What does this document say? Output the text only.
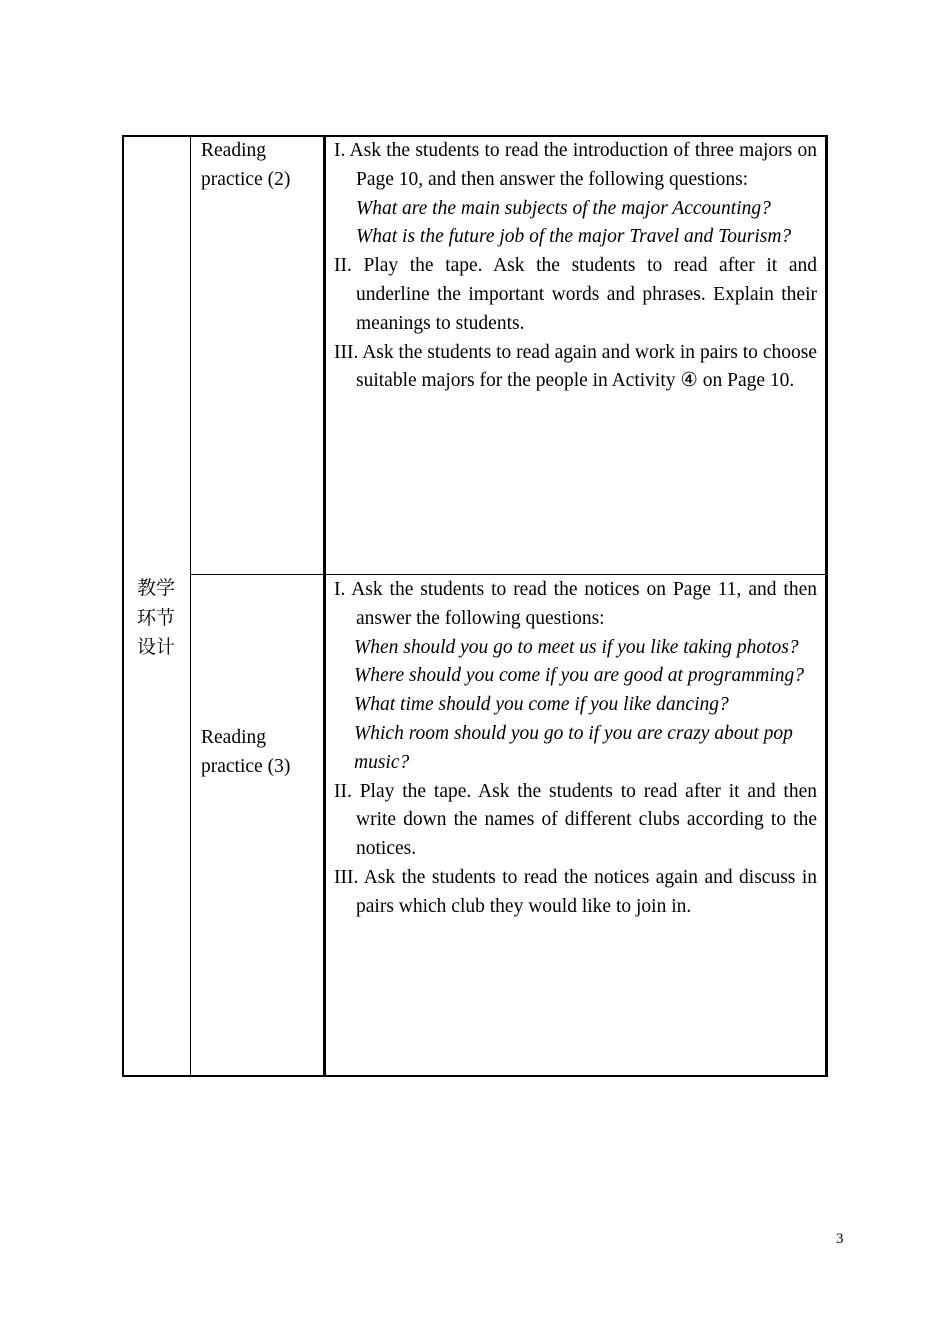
Reading practice (2)

I. Ask the students to read the introduction of three majors on Page 10, and then answer the following questions:

What are the main subjects of the major Accounting?

What is the future job of the major Travel and Tourism?

II. Play the tape. Ask the students to read after it and underline the important words and phrases. Explain their meanings to students.

III. Ask the students to read again and work in pairs to choose suitable majors for the people in Activity ④ on Page 10.

教学环节设计
Reading practice (3)

I. Ask the students to read the notices on Page 11, and then answer the following questions:

When should you go to meet us if you like taking photos?

Where should you come if you are good at programming?

What time should you come if you like dancing?

Which room should you go to if you are crazy about pop music?

II. Play the tape. Ask the students to read after it and then write down the names of different clubs according to the notices.

III. Ask the students to read the notices again and discuss in pairs which club they would like to join in.

3
